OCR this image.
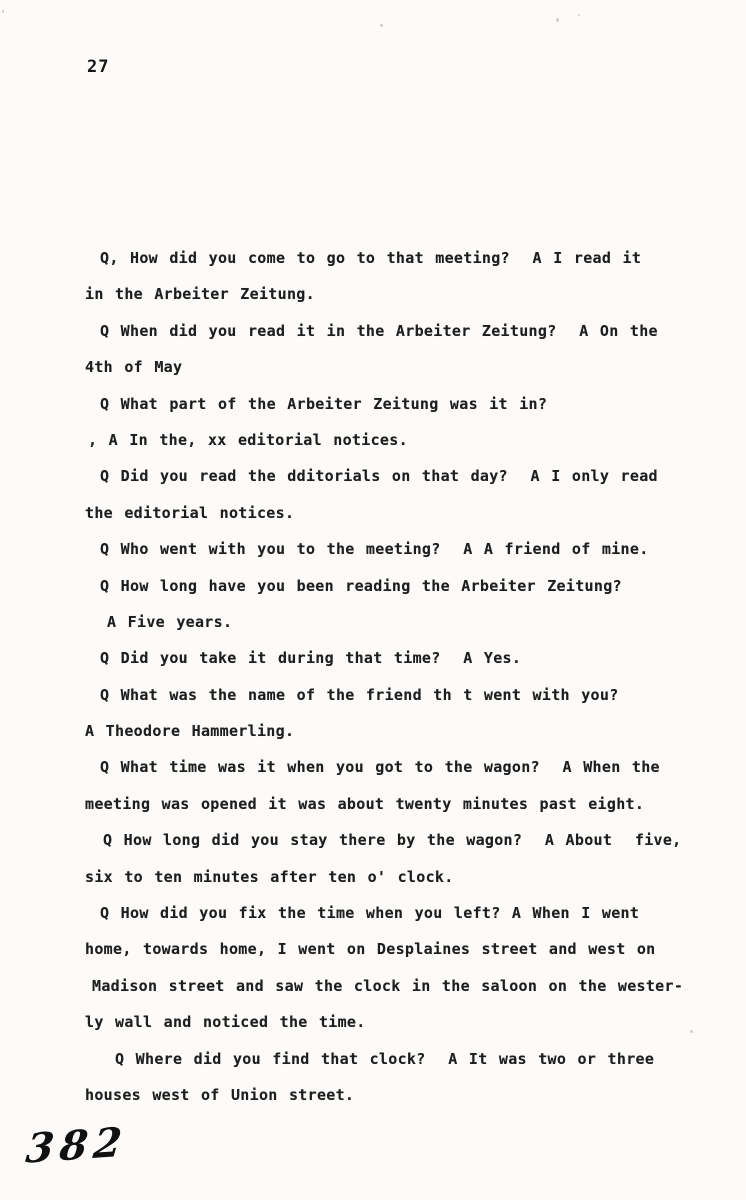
27
Q, How did you come to go to that meeting?  A I read it
in the Arbeiter Zeitung.
Q When did you read it in the Arbeiter Zeitung?  A On the
4th of May
Q What part of the Arbeiter Zeitung was it in?
, A In the, xx editorial notices.
Q Did you read the dditorials on that day?  A I only read
the editorial notices.
Q Who went with you to the meeting?  A A friend of mine.
Q How long have you been reading the Arbeiter Zeitung?
A Five years.
Q Did you take it during that time?  A Yes.
Q What was the name of the friend th t went with you?
A Theodore Hammerling.
Q What time was it when you got to the wagon?  A When the
meeting was opened it was about twenty minutes past eight.
Q How long did you stay there by the wagon?  A About  five,
six to ten minutes after ten o' clock.
Q How did you fix the time when you left? A When I went
home, towards home, I went on Desplaines street and west on
Madison street and saw the clock in the saloon on the wester-
ly wall and noticed the time.
Q Where did you find that clock?  A It was two or three
houses west of Union street.
382
